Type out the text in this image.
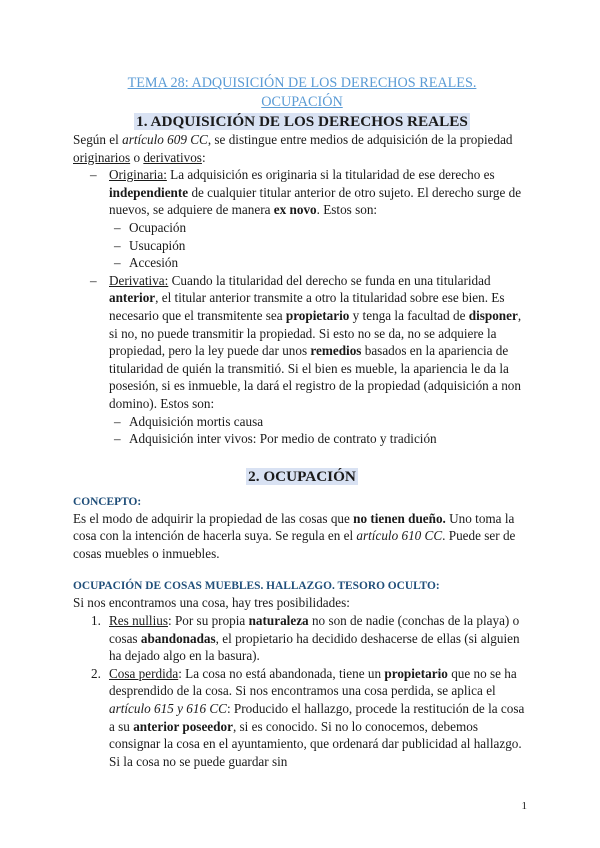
TEMA 28: ADQUISICIÓN DE LOS DERECHOS REALES.
OCUPACIÓN
1. ADQUISICIÓN DE LOS DERECHOS REALES

Según el artículo 609 CC, se distingue entre medios de adquisición de la propiedad originarios o derivativos:

– Originaria: La adquisición es originaria si la titularidad de ese derecho es independiente de cualquier titular anterior de otro sujeto. El derecho surge de nuevos, se adquiere de manera ex novo. Estos son:
– Ocupación
– Usucapión
– Accesión
– Derivativa: Cuando la titularidad del derecho se funda en una titularidad anterior, el titular anterior transmite a otro la titularidad sobre ese bien. Es necesario que el transmitente sea propietario y tenga la facultad de disponer, si no, no puede transmitir la propiedad. Si esto no se da, no se adquiere la propiedad, pero la ley puede dar unos remedios basados en la apariencia de titularidad de quién la transmitió. Si el bien es mueble, la apariencia le da la posesión, si es inmueble, la dará el registro de la propiedad (adquisición a non domino). Estos son:
– Adquisición mortis causa
– Adquisición inter vivos: Por medio de contrato y tradición
2. OCUPACIÓN
CONCEPTO:

Es el modo de adquirir la propiedad de las cosas que no tienen dueño. Uno toma la cosa con la intención de hacerla suya. Se regula en el artículo 610 CC. Puede ser de cosas muebles o inmuebles.

OCUPACIÓN DE COSAS MUEBLES. HALLAZGO. TESORO OCULTO:

Si nos encontramos una cosa, hay tres posibilidades:

1. Res nullius: Por su propia naturaleza no son de nadie (conchas de la playa) o cosas abandonadas, el propietario ha decidido deshacerse de ellas (si alguien ha dejado algo en la basura).
2. Cosa perdida: La cosa no está abandonada, tiene un propietario que no se ha desprendido de la cosa. Si nos encontramos una cosa perdida, se aplica el artículo 615 y 616 CC: Producido el hallazgo, procede la restitución de la cosa a su anterior poseedor, si es conocido. Si no lo conocemos, debemos consignar la cosa en el ayuntamiento, que ordenará dar publicidad al hallazgo. Si la cosa no se puede guardar sin
1
